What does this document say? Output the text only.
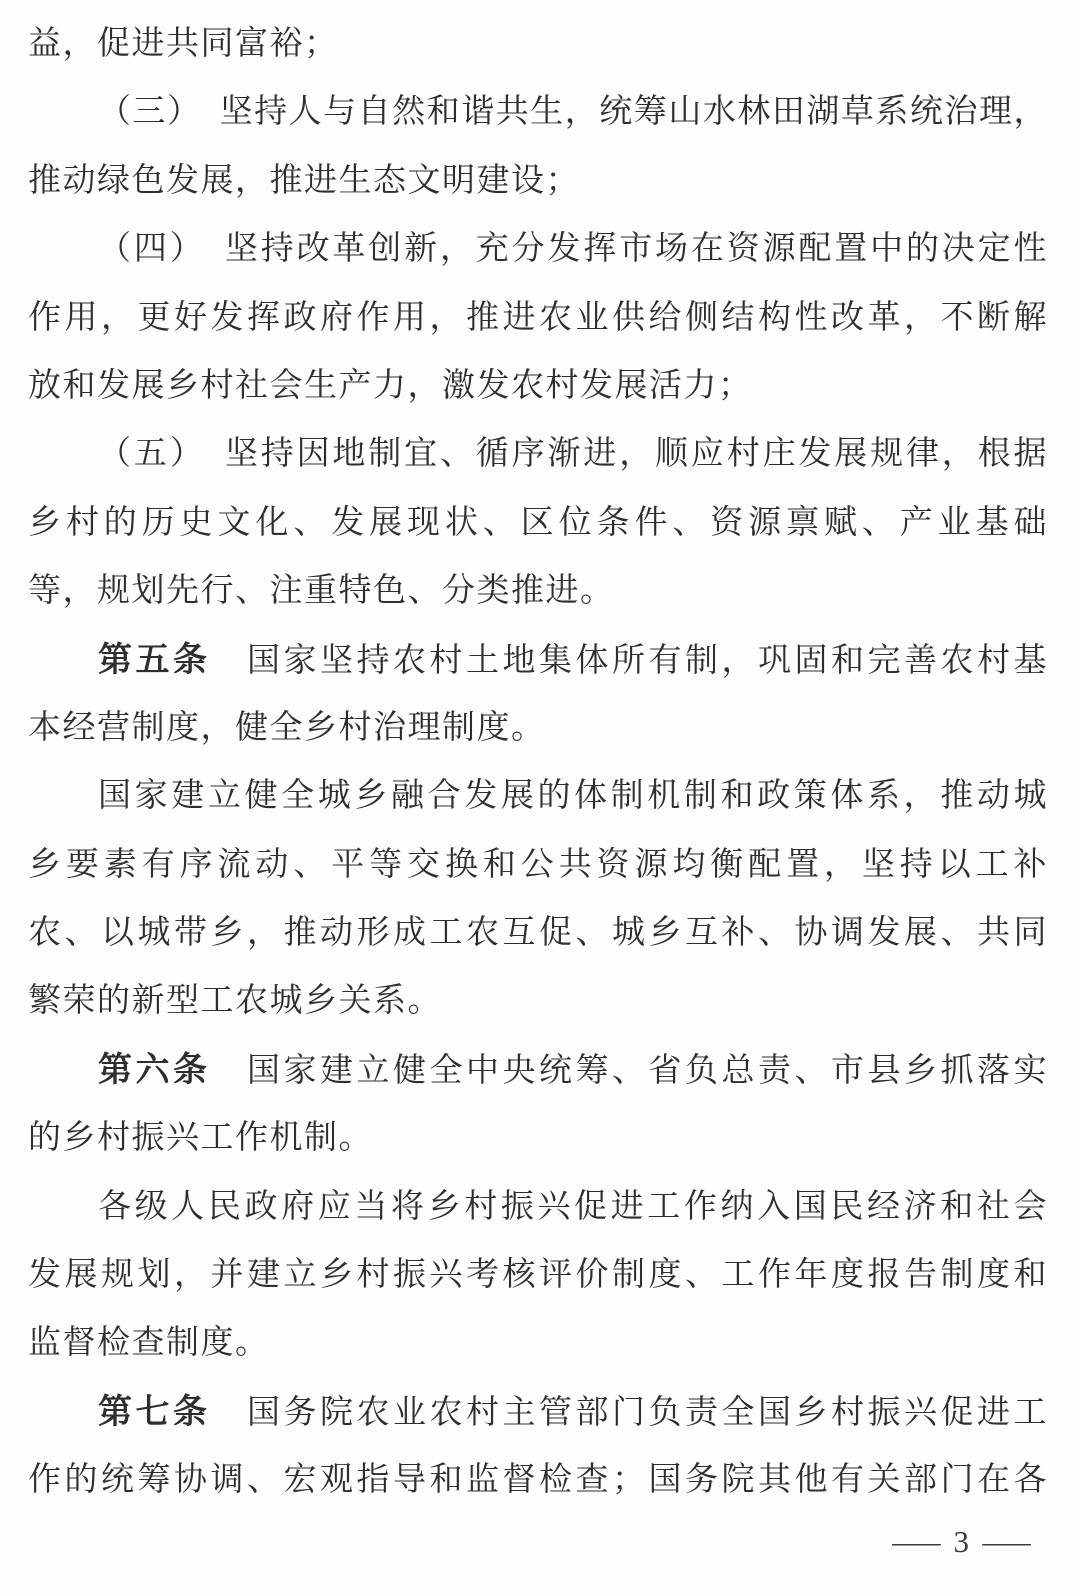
益，促进共同富裕；
（三）　坚持人与自然和谐共生，统筹山水林田湖草系统治理，
推动绿色发展，推进生态文明建设；
（四）　坚持改革创新，充分发挥市场在资源配置中的决定性
作用，更好发挥政府作用，推进农业供给侧结构性改革，不断解
放和发展乡村社会生产力，激发农村发展活力；
（五）　坚持因地制宜、循序渐进，顺应村庄发展规律，根据
乡村的历史文化、发展现状、区位条件、资源禀赋、产业基础
等，规划先行、注重特色、分类推进。
第五条　国家坚持农村土地集体所有制，巩固和完善农村基
本经营制度，健全乡村治理制度。
国家建立健全城乡融合发展的体制机制和政策体系，推动城
乡要素有序流动、平等交换和公共资源均衡配置，坚持以工补
农、以城带乡，推动形成工农互促、城乡互补、协调发展、共同
繁荣的新型工农城乡关系。
第六条　国家建立健全中央统筹、省负总责、市县乡抓落实
的乡村振兴工作机制。
各级人民政府应当将乡村振兴促进工作纳入国民经济和社会
发展规划，并建立乡村振兴考核评价制度、工作年度报告制度和
监督检查制度。
第七条　国务院农业农村主管部门负责全国乡村振兴促进工
作的统筹协调、宏观指导和监督检查；国务院其他有关部门在各
— 3 —
